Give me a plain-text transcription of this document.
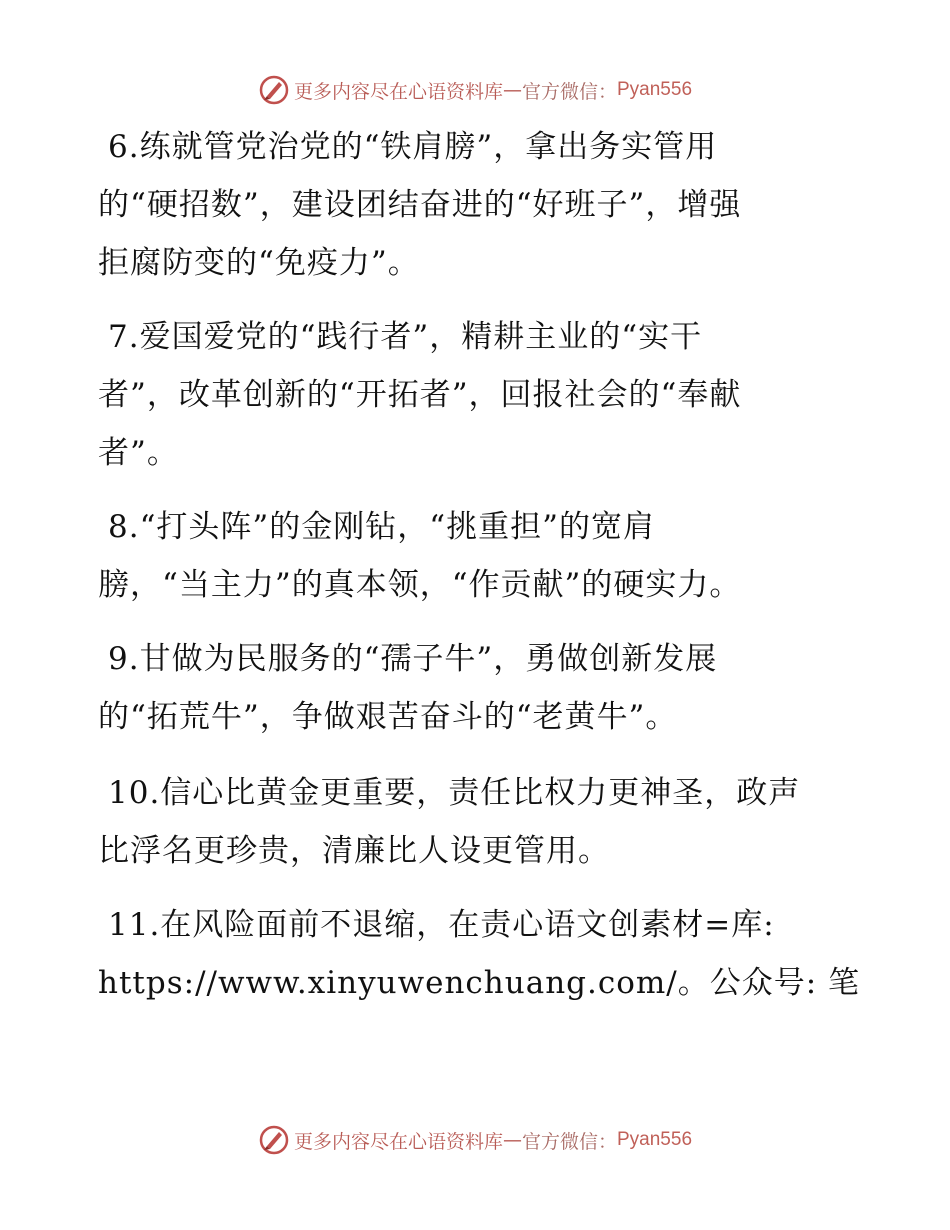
更多内容尽在心语资料库 — 官方微信： Pyan556
6.练就管党治党的“铁肩膀”，拿出务实管用
的“硬招数”，建设团结奋进的“好班子”，增强
拒腐防变的“免疫力”。
7.爱国爱党的“践行者”，精耕主业的“实干
者”，改革创新的“开拓者”，回报社会的“奉献
者”。
8.“打头阵”的金刚钻，“挑重担”的宽肩
膀，“当主力”的真本领，“作贡献”的硬实力。
9.甘做为民服务的“孺子牛”，勇做创新发展
的“拓荒牛”，争做艰苦奋斗的“老黄牛”。
10.信心比黄金更重要，责任比权力更神圣，政声
比浮名更珍贵，清廉比人设更管用。
11.在风险面前不退缩，在责心语文创素材=库:
https://www.xinyuwenchuang.com/。公众号: 笔
更多内容尽在心语资料库 — 官方微信： Pyan556
